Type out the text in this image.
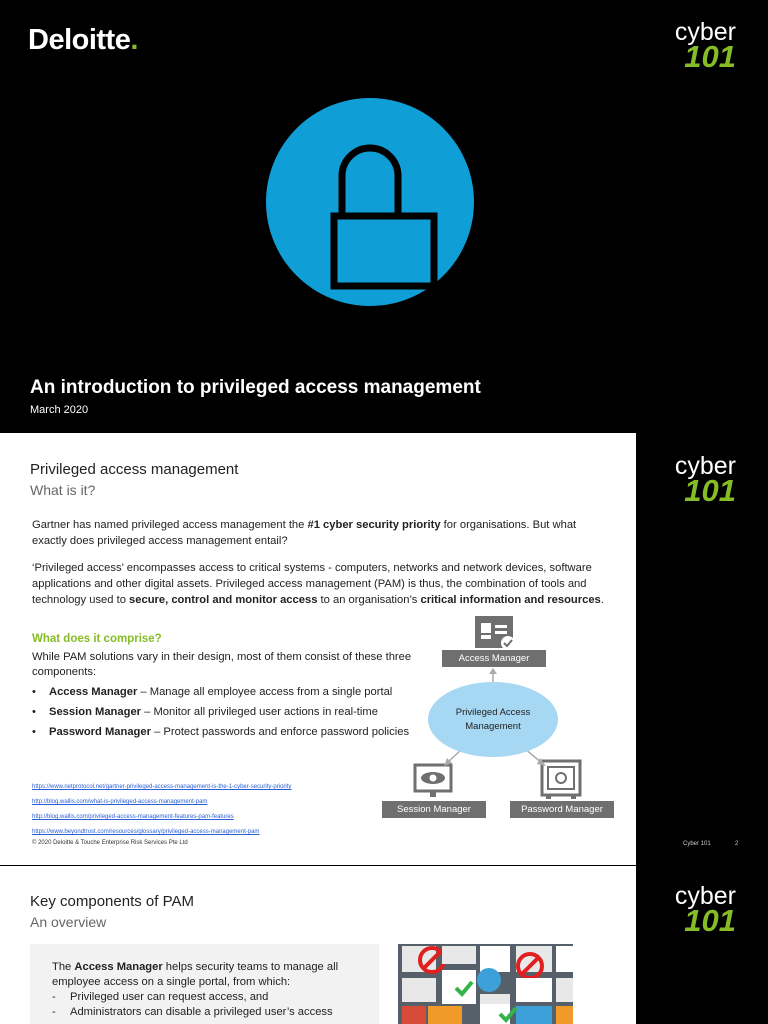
Deloitte.	cyber
101
An introduction to privileged access management
March 2020
Privileged access management
What is it?

Gartner has named privileged access management the #1 cyber security priority for organisations. But what exactly does privileged access management entail?

‘Privileged access’ encompasses access to critical systems - computers, networks and network devices, software applications and other digital assets. Privileged access management (PAM) is thus, the combination of tools and technology used to secure, control and monitor access to an organisation’s critical information and resources.

What does it comprise?
While PAM solutions vary in their design, most of them consist of these three components:
• Access Manager – Manage all employee access from a single portal
• Session Manager – Monitor all privileged user actions in real-time
• Password Manager – Protect passwords and enforce password policies
Access Manager
Privileged Access Management
Session Manager	Password Manager
https://www.netprotocol.net/gartner-privileged-access-management-is-the-1-cyber-security-priority
http://blog.wallis.com/what-is-privileged-access-management-pam
http://blog.wallis.com/privileged-access-management-features-pam-features
https://www.beyondtrust.com/resources/glossary/privileged-access-management-pam
© 2020 Deloitte & Touche Enterprise Risk Services Pte Ltd
cyber
101
Cyber 101	2
Key components of PAM
An overview
The Access Manager helps security teams to manage all employee access on a single portal, from which:
- Privileged user can request access, and
- Administrators can disable a privileged user’s access
cyber
101
